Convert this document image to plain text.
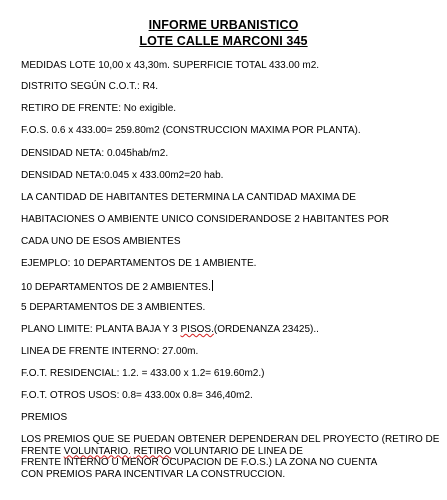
INFORME URBANISTICO
LOTE CALLE MARCONI 345
MEDIDAS LOTE 10,00 x 43,30m. SUPERFICIE TOTAL 433.00 m2.
DISTRITO SEGÚN C.O.T.: R4.
RETIRO DE FRENTE: No exigible.
F.O.S. 0.6 x 433.00= 259.80m2 (CONSTRUCCION MAXIMA POR PLANTA).
DENSIDAD NETA: 0.045hab/m2.
DENSIDAD NETA:0.045 x 433.00m2=20 hab.
LA CANTIDAD DE HABITANTES DETERMINA LA CANTIDAD MAXIMA DE
HABITACIONES O AMBIENTE UNICO CONSIDERANDOSE 2 HABITANTES POR
CADA UNO DE ESOS AMBIENTES
EJEMPLO: 10 DEPARTAMENTOS DE 1 AMBIENTE.
10 DEPARTAMENTOS DE 2 AMBIENTES.
5 DEPARTAMENTOS DE 3 AMBIENTES.
PLANO LIMITE: PLANTA BAJA Y 3 PISOS.(ORDENANZA 23425)..
LINEA DE FRENTE INTERNO: 27.00m.
F.O.T. RESIDENCIAL: 1.2. = 433.00 x 1.2= 619.60m2.)
F.O.T. OTROS USOS: 0.8= 433.00x 0.8= 346,40m2.
PREMIOS
LOS PREMIOS QUE SE PUEDAN OBTENER DEPENDERAN DEL PROYECTO (RETIRO DE
FRENTE VOLUNTARIO. RETIRO VOLUNTARIO DE LINEA DE
FRENTE INTERNO U MENOR OCUPACION DE F.O.S.) LA ZONA NO CUENTA
CON PREMIOS PARA INCENTIVAR LA CONSTRUCCION.
